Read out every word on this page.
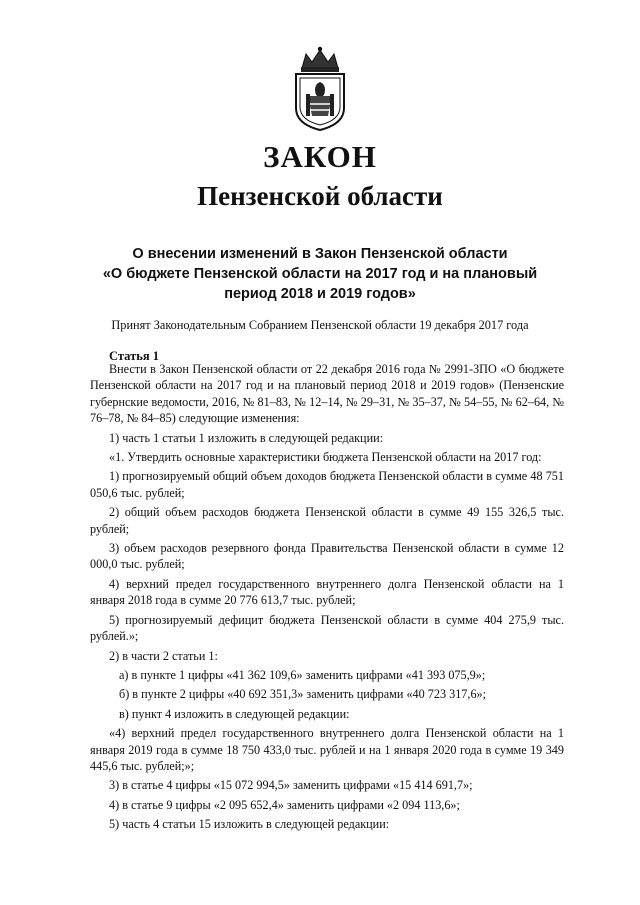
ЗАКОН
Пензенской области
О внесении изменений в Закон Пензенской области
«О бюджете Пензенской области на 2017 год и на плановый
период 2018 и 2019 годов»
Принят Законодательным Собранием Пензенской области 19 декабря 2017 года
Статья 1

Внести в Закон Пензенской области от 22 декабря 2016 года № 2991-ЗПО «О бюджете Пензенской области на 2017 год и на плановый период 2018 и 2019 годов» (Пензенские губернские ведомости, 2016, № 81–83, № 12–14, № 29–31, № 35–37, № 54–55, № 62–64, № 76–78, № 84–85) следующие изменения:

1) часть 1 статьи 1 изложить в следующей редакции:

«1. Утвердить основные характеристики бюджета Пензенской области на 2017 год:

1) прогнозируемый общий объем доходов бюджета Пензенской области в сумме 48 751 050,6 тыс. рублей;

2) общий объем расходов бюджета Пензенской области в сумме 49 155 326,5 тыс. рублей;

3) объем расходов резервного фонда Правительства Пензенской области в сумме 12 000,0 тыс. рублей;

4) верхний предел государственного внутреннего долга Пензенской области на 1 января 2018 года в сумме 20 776 613,7 тыс. рублей;

5) прогнозируемый дефицит бюджета Пензенской области в сумме 404 275,9 тыс. рублей.»;

2) в части 2 статьи 1:

а) в пункте 1 цифры «41 362 109,6» заменить цифрами «41 393 075,9»;

б) в пункте 2 цифры «40 692 351,3» заменить цифрами «40 723 317,6»;

в) пункт 4 изложить в следующей редакции:

«4) верхний предел государственного внутреннего долга Пензенской области на 1 января 2019 года в сумме 18 750 433,0 тыс. рублей и на 1 января 2020 года в сумме 19 349 445,6 тыс. рублей;»;

3) в статье 4 цифры «15 072 994,5» заменить цифрами «15 414 691,7»;

4) в статье 9 цифры «2 095 652,4» заменить цифрами «2 094 113,6»;

5) часть 4 статьи 15 изложить в следующей редакции:
